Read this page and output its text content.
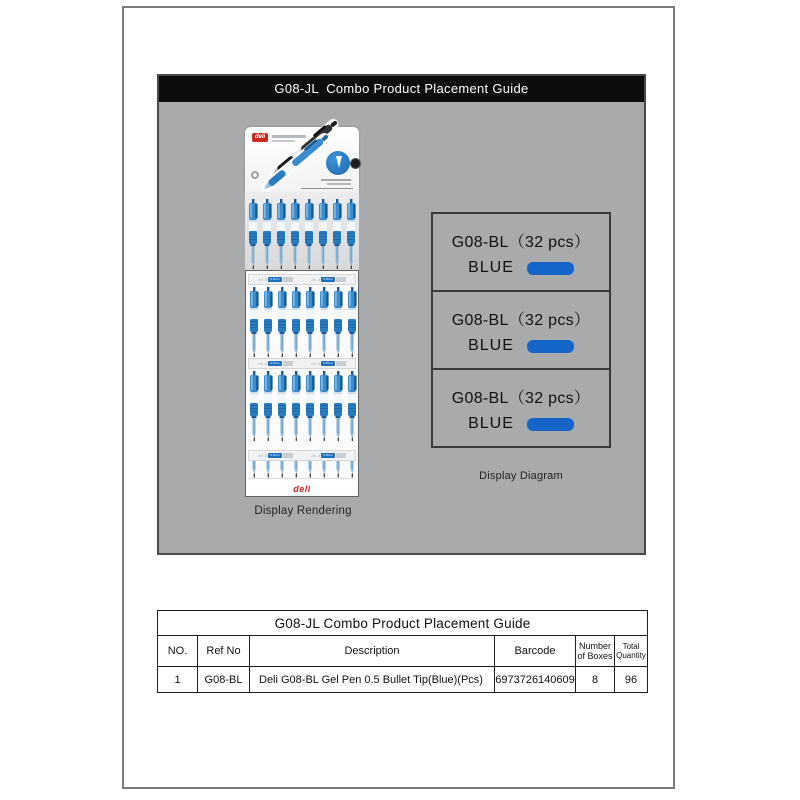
G08-JL  Combo Product Placement Guide
deli
88.8	0.5mm	88.8	0.5mm
88.8	0.5mm	88.8	0.5mm
88.8	0.5mm	88.8	0.5mm
deli
Display Rendering
G08-BL（32 pcs）
BLUE
G08-BL（32 pcs）
BLUE
G08-BL（32 pcs）
BLUE
Display Diagram
G08-JL Combo Product Placement Guide					
NO.	Ref No	Description	Barcode	Number of Boxes	Total Quantity
1	G08-BL	Deli G08-BL Gel Pen 0.5 Bullet Tip(Blue)(Pcs)	6973726140609	8	96
